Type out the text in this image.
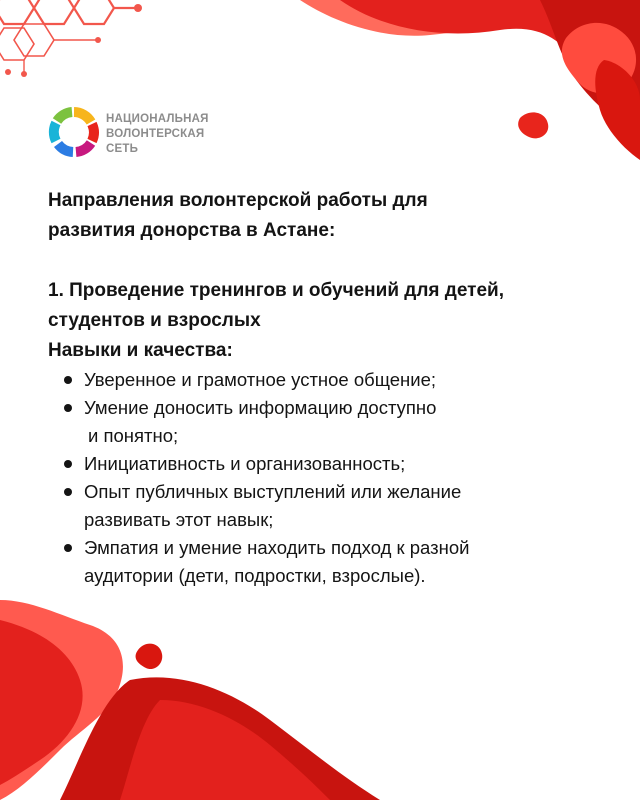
НАЦИОНАЛЬНАЯ
ВОЛОНТЕРСКАЯ
СЕТЬ

Направления волонтерской работы для
развития донорства в Астане:
1. Проведение тренингов и обучений для детей,
студентов и взрослых
Навыки и качества:
Уверенное и грамотное устное общение;
Умение доносить информацию доступно
и понятно;
Инициативность и организованность;
Опыт публичных выступлений или желание
развивать этот навык;
Эмпатия и умение находить подход к разной
аудитории (дети, подростки, взрослые).
